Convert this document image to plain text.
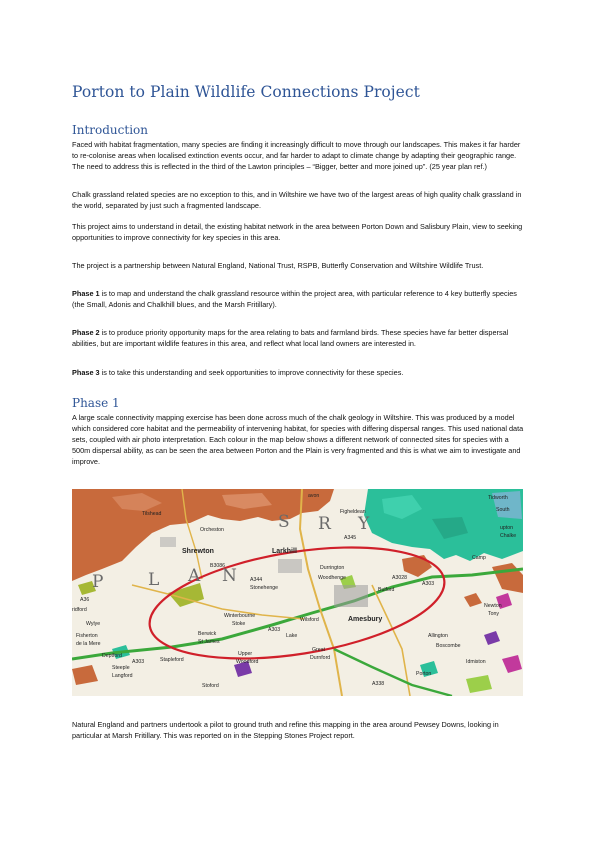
Porton to Plain Wildlife Connections Project
Introduction
Faced with habitat fragmentation, many species are finding it increasingly difficult to move through our landscapes. This makes it far harder to re-colonise areas when localised extinction events occur, and far harder to adapt to climate change by adapting their geographic range. The need to address this is reflected in the third of the Lawton principles – “Bigger, better and more joined up”. (25 year plan ref.)
Chalk grassland related species are no exception to this, and in Wiltshire we have two of the largest areas of high quality chalk grassland in the world, separated by just such a fragmented landscape.
This project aims to understand in detail, the existing habitat network in the area between Porton Down and Salisbury Plain, view to seeking opportunities to improve connectivity for key species in this area.
The project is a partnership between Natural England, National Trust, RSPB, Butterfly Conservation and Wiltshire Wildlife Trust.
Phase 1 is to map and understand the chalk grassland resource within the project area, with particular reference to 4 key butterfly species (the Small, Adonis and Chalkhill blues, and the Marsh Fritillary).
Phase 2 is to produce priority opportunity maps for the area relating to bats and farmland birds. These species have far better dispersal abilities, but are important wildlife features in this area, and reflect what local land owners are interested in.
Phase 3 is to take this understanding and seek opportunities to improve connectivity for these species.
Phase 1
A large scale connectivity mapping exercise has been done across much of the chalk geology in Wiltshire. This was produced by a model which considered core habitat and the permeability of intervening habitat, for species with differing dispersal ranges. This used national data sets, coupled with air photo interpretation. Each colour in the map below shows a different network of connected sites for species with a 500m dispersal ability, as can be seen the area between Porton and the Plain is very fragmented and this is what we aim to investigate and improve.
Tilshead
Orcheston
Shrewton	Larkhill
Durrington
Woodhenge
Stonehenge
Winterbourne
Stoke
Amesbury
Bulford
Figheldean
Wilsford
Lake	Allington
Boscombe
Idmiston
Porton
Berwick
St James
Stapleford
Upper
Woodford
Great
Durnford
Newton
Tony
Steeple
Langford
Fisherton
de la Mere
Deptford
Wylye
Camp
Tidworth
South
upton
Chalke
ridford
Stoford
avon
R Y
S
P	L	N
A
A303
A303
A303
A345
A3028
A344
A338
A36
B3086
Natural England and partners undertook a pilot to ground truth and refine this mapping in the area around Pewsey Downs, looking in particular at Marsh Fritillary. This was reported on in the Stepping Stones Project report.
